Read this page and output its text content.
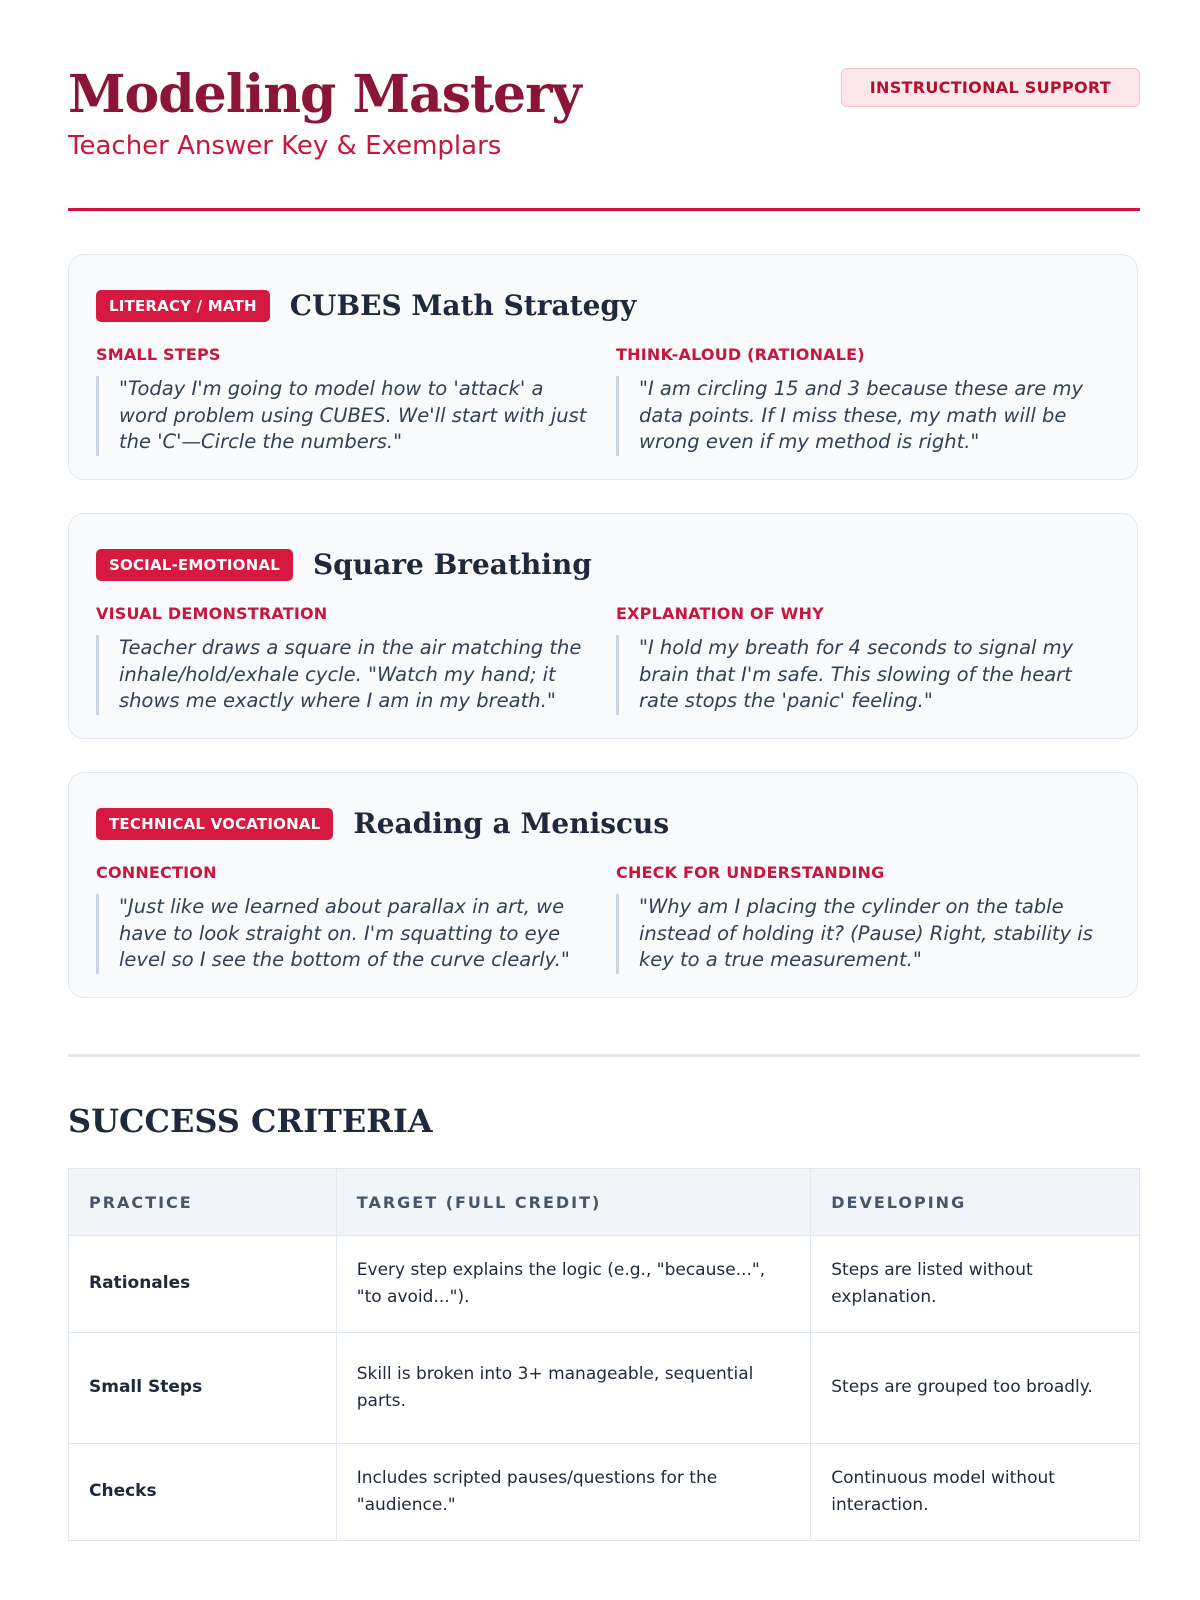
Modeling Mastery
Teacher Answer Key & Exemplars
INSTRUCTIONAL SUPPORT
LITERACY / MATH	CUBES Math Strategy
SMALL STEPS
"Today I'm going to model how to 'attack' a word problem using CUBES. We'll start with just the 'C'—Circle the numbers."
THINK-ALOUD (RATIONALE)
"I am circling 15 and 3 because these are my data points. If I miss these, my math will be wrong even if my method is right."
SOCIAL-EMOTIONAL	Square Breathing
VISUAL DEMONSTRATION
Teacher draws a square in the air matching the inhale/hold/exhale cycle. "Watch my hand; it shows me exactly where I am in my breath."
EXPLANATION OF WHY
"I hold my breath for 4 seconds to signal my brain that I'm safe. This slowing of the heart rate stops the 'panic' feeling."
TECHNICAL VOCATIONAL	Reading a Meniscus
CONNECTION
"Just like we learned about parallax in art, we have to look straight on. I'm squatting to eye level so I see the bottom of the curve clearly."
CHECK FOR UNDERSTANDING
"Why am I placing the cylinder on the table instead of holding it? (Pause) Right, stability is key to a true measurement."
SUCCESS CRITERIA
PRACTICE	TARGET (FULL CREDIT)	DEVELOPING
Rationales	Every step explains the logic (e.g., "because...", "to avoid...").	Steps are listed without explanation.
Small Steps	Skill is broken into 3+ manageable, sequential parts.	Steps are grouped too broadly.
Checks	Includes scripted pauses/questions for the "audience."	Continuous model without interaction.
